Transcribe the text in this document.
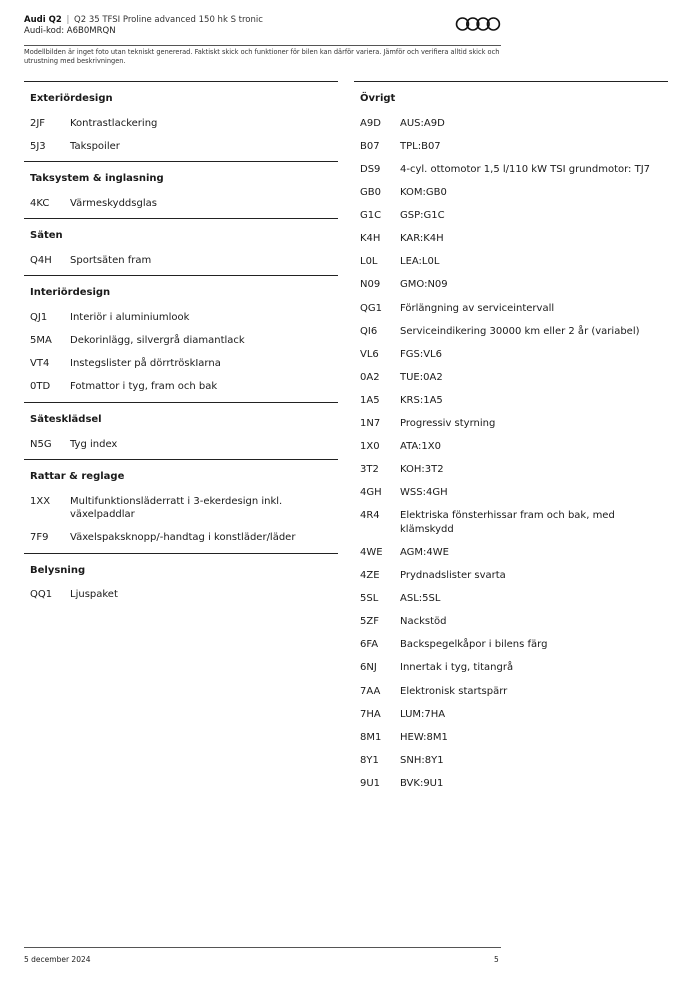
Audi Q2 | Q2 35 TFSI Proline advanced 150 hk S tronic
Audi-kod: A6B0MRQN
Modellbilden är inget foto utan tekniskt genererad. Faktiskt skick och funktioner för bilen kan därför variera. Jämför och verifiera alltid skick och utrustning med beskrivningen.
Exteriördesign
2JF	Kontrastlackering
5J3	Takspoiler
Taksystem & inglasning
4KC	Värmeskyddsglas
Säten
Q4H	Sportsäten fram
Interiördesign
QJ1	Interiör i aluminiumlook
5MA	Dekorinlägg, silvergrå diamantlack
VT4	Instegslister på dörrtröskIarna
0TD	Fotmattor i tyg, fram och bak
Sätesklädsel
N5G	Tyg index
Rattar & reglage
1XX	Multifunktionsläderratt i 3-ekerdesign inkl. växelpaddlar
7F9	Växelspaksknopp/-handtag i konstläder/läder
Belysning
QQ1	Ljuspaket
Övrigt
A9D	AUS:A9D
B07	TPL:B07
DS9	4-cyl. ottomotor 1,5 l/110 kW TSI grundmotor: TJ7
GB0	KOM:GB0
G1C	GSP:G1C
K4H	KAR:K4H
L0L	LEA:L0L
N09	GMO:N09
QG1	Förlängning av serviceintervall
QI6	Serviceindikering 30000 km eller 2 år (variabel)
VL6	FGS:VL6
0A2	TUE:0A2
1A5	KRS:1A5
1N7	Progressiv styrning
1X0	ATA:1X0
3T2	KOH:3T2
4GH	WSS:4GH
4R4	Elektriska fönsterhissar fram och bak, med klämskydd
4WE	AGM:4WE
4ZE	Prydnadslister svarta
5SL	ASL:5SL
5ZF	Nackstöd
6FA	Backspegelkåpor i bilens färg
6NJ	Innertak i tyg, titangrå
7AA	Elektronisk startspärr
7HA	LUM:7HA
8M1	HEW:8M1
8Y1	SNH:8Y1
9U1	BVK:9U1
5 december 2024	5
